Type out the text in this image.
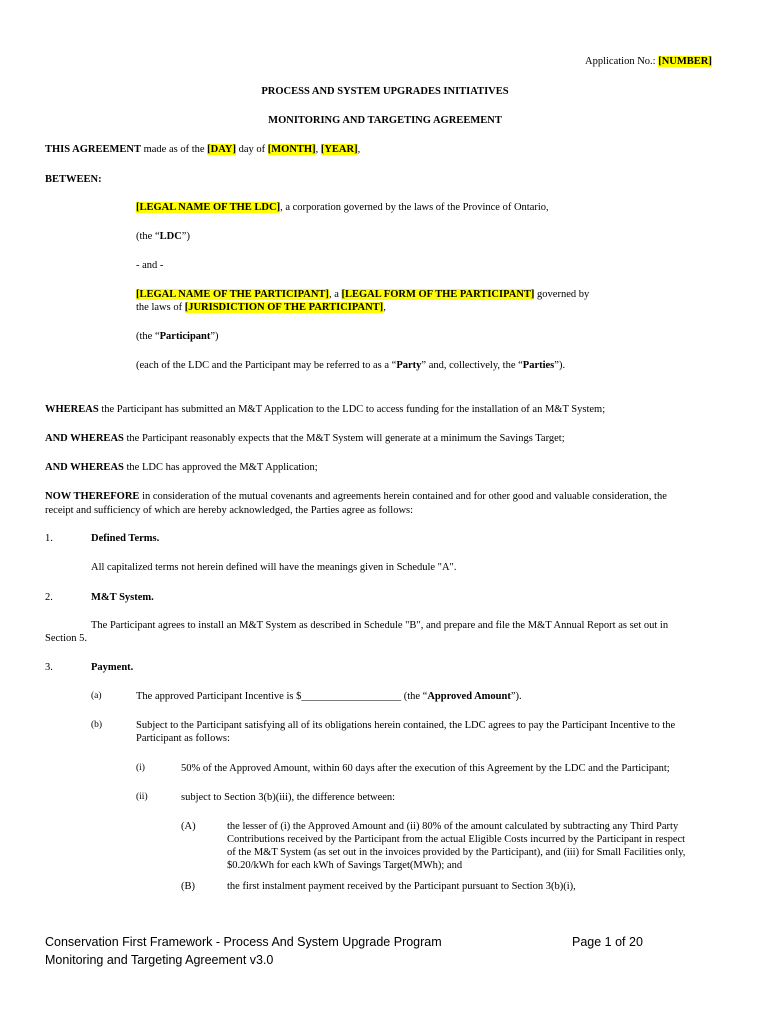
Application No.: [NUMBER]
PROCESS AND SYSTEM UPGRADES INITIATIVES
MONITORING AND TARGETING AGREEMENT
THIS AGREEMENT made as of the [DAY] day of [MONTH], [YEAR],
BETWEEN:
[LEGAL NAME OF THE LDC], a corporation governed by the laws of the Province of Ontario,
(the “LDC”)
- and -
[LEGAL NAME OF THE PARTICIPANT], a [LEGAL FORM OF THE PARTICIPANT] governed by
the laws of [JURISDICTION OF THE PARTICIPANT],
(the “Participant”)
(each of the LDC and the Participant may be referred to as a “Party” and, collectively, the “Parties”).
WHEREAS the Participant has submitted an M&T Application to the LDC to access funding for the installation of an M&T System;
AND WHEREAS the Participant reasonably expects that the M&T System will generate at a minimum the Savings Target;
AND WHEREAS the LDC has approved the M&T Application;
NOW THEREFORE in consideration of the mutual covenants and agreements herein contained and for other good and valuable consideration, the
receipt and sufficiency of which are hereby acknowledged, the Parties agree as follows:
1.	Defined Terms.
All capitalized terms not herein defined will have the meanings given in Schedule "A".
2.	M&T System.
The Participant agrees to install an M&T System as described in Schedule "B", and prepare and file the M&T Annual Report as set out in
Section 5.
3.	Payment.
(a)	The approved Participant Incentive is $___________________ (the “Approved Amount”).
(b)	Subject to the Participant satisfying all of its obligations herein contained, the LDC agrees to pay the Participant Incentive to the
Participant as follows:
(i)	50% of the Approved Amount, within 60 days after the execution of this Agreement by the LDC and the Participant;
(ii)	subject to Section 3(b)(iii), the difference between:
(A)	the lesser of (i) the Approved Amount and (ii) 80% of the amount calculated by subtracting any Third Party
Contributions received by the Participant from the actual Eligible Costs incurred by the Participant in respect
of the M&T System (as set out in the invoices provided by the Participant), and (iii) for Small Facilities only,
$0.20/kWh for each kWh of Savings Target(MWh); and
(B)	the first instalment payment received by the Participant pursuant to Section 3(b)(i),
Conservation First Framework - Process And System Upgrade Program
Monitoring and Targeting Agreement v3.0
Page 1 of 20
